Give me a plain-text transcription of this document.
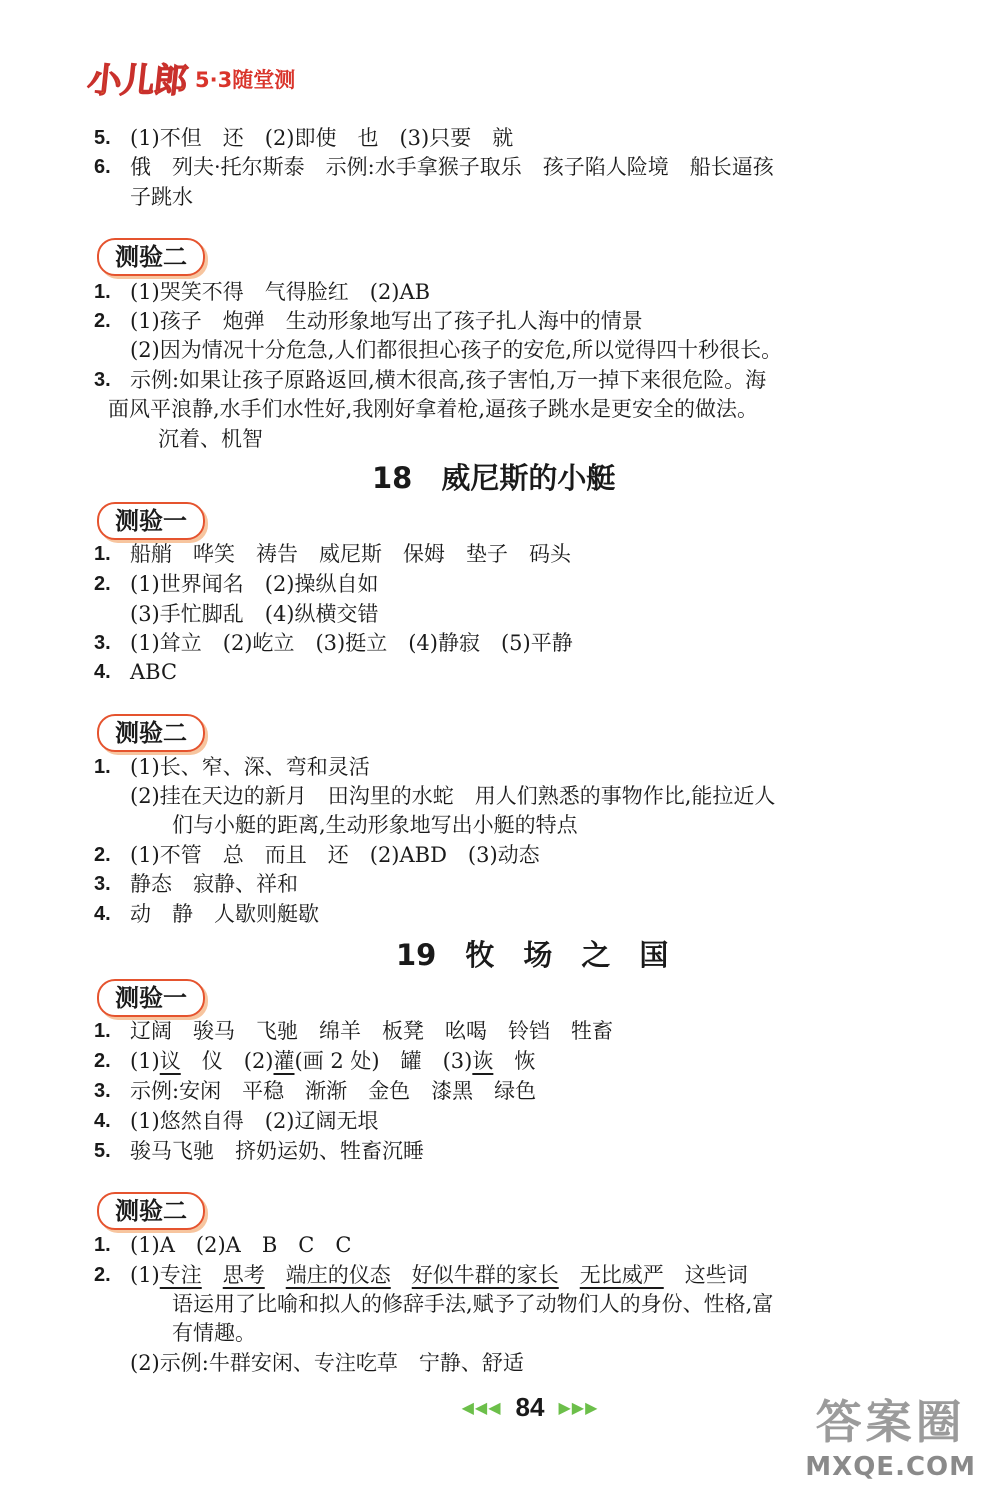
小儿郎 5·3随堂测
5. (1)不但　还　(2)即使　也　(3)只要　就
6. 俄　列夫·托尔斯泰　示例:水手拿猴子取乐　孩子陷人险境　船长逼孩
子跳水
测验二
1. (1)哭笑不得　气得脸红　(2)AB
2. (1)孩子　炮弹　生动形象地写出了孩子扎人海中的情景
(2)因为情况十分危急,人们都很担心孩子的安危,所以觉得四十秒很长。
3. 示例:如果让孩子原路返回,横木很高,孩子害怕,万一掉下来很危险。海
面风平浪静,水手们水性好,我刚好拿着枪,逼孩子跳水是更安全的做法。
沉着、机智
18　威尼斯的小艇
测验一
1. 船艄　哗笑　祷告　威尼斯　保姆　垫子　码头
2. (1)世界闻名　(2)操纵自如
(3)手忙脚乱　(4)纵横交错
3. (1)耸立　(2)屹立　(3)挺立　(4)静寂　(5)平静
4. ABC
测验二
1. (1)长、窄、深、弯和灵活
(2)挂在天边的新月　田沟里的水蛇　用人们熟悉的事物作比,能拉近人
们与小艇的距离,生动形象地写出小艇的特点
2. (1)不管　总　而且　还　(2)ABD　(3)动态
3. 静态　寂静、祥和
4. 动　静　人歇则艇歇
19　牧　场　之　国
测验一
1. 辽阔　骏马　飞驰　绵羊　板凳　吆喝　铃铛　牲畜
2. (1)议　仪　(2)灌(画 2 处)　罐　(3)诙　恢
3. 示例:安闲　平稳　渐渐　金色　漆黑　绿色
4. (1)悠然自得　(2)辽阔无垠
5. 骏马飞驰　挤奶运奶、牲畜沉睡
测验二
1. (1)A　(2)A　B　C　C
2. (1)专注　 思考　 端庄的仪态　 好似牛群的家长　 无比威严　这些词
语运用了比喻和拟人的修辞手法,赋予了动物们人的身份、性格,富
有情趣。
(2)示例:牛群安闲、专注吃草　宁静、舒适
◀◀◀ 84 ▶▶▶	答案圈
MXQE.COM
